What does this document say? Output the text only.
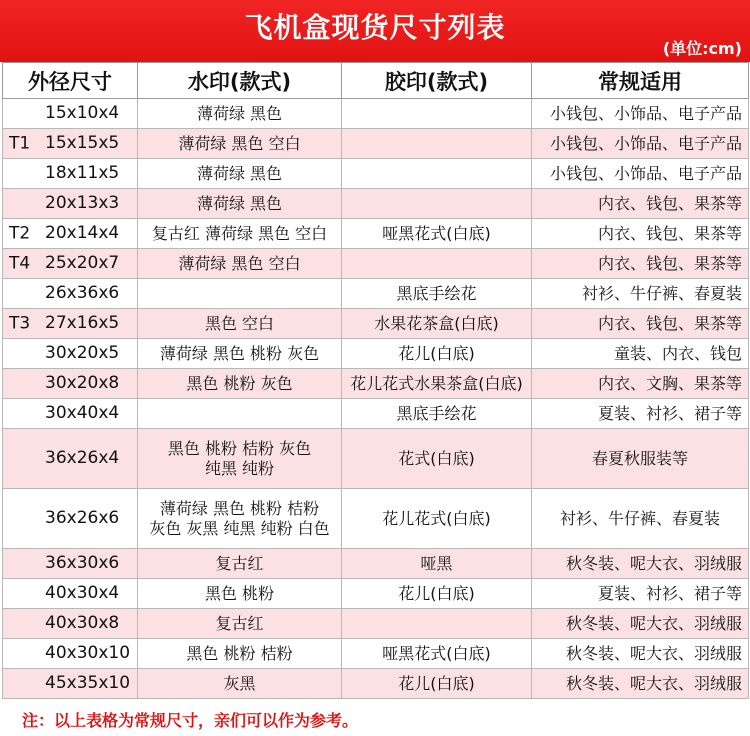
飞机盒现货尺寸列表
(单位:cm)
外径尺寸	水印(款式)	胶印(款式)	常规适用

15x10x4	薄荷绿 黑色		小钱包、小饰品、电子产品

T1 15x15x5	薄荷绿 黑色 空白		小钱包、小饰品、电子产品

18x11x5	薄荷绿 黑色		小钱包、小饰品、电子产品

20x13x3	薄荷绿 黑色		内衣、钱包、果茶等

T2 20x14x4	复古红 薄荷绿 黑色 空白	哑黑花式(白底)	内衣、钱包、果茶等

T4 25x20x7	薄荷绿 黑色 空白		内衣、钱包、果茶等

26x36x6		黑底手绘花	衬衫、牛仔裤、春夏装

T3 27x16x5	黑色 空白	水果花茶盒(白底)	内衣、钱包、果茶等

30x20x5	薄荷绿 黑色 桃粉 灰色	花儿(白底)	童装、内衣、钱包

30x20x8	黑色 桃粉 灰色	花儿花式水果茶盒(白底)	内衣、文胸、果茶等

30x40x4		黑底手绘花	夏装、衬衫、裙子等

36x26x4	黑色 桃粉 桔粉 灰色
纯黑 纯粉	花式(白底)	春夏秋服装等

36x26x6	薄荷绿 黑色 桃粉 桔粉
灰色 灰黑 纯黑 纯粉 白色	花儿花式(白底)	衬衫、牛仔裤、春夏装

36x30x6	复古红	哑黑	秋冬装、呢大衣、羽绒服

40x30x4	黑色 桃粉	花儿(白底)	夏装、衬衫、裙子等

40x30x8	复古红		秋冬装、呢大衣、羽绒服

40x30x10	黑色 桃粉 桔粉	哑黑花式(白底)	秋冬装、呢大衣、羽绒服

45x35x10	灰黑	花儿(白底)	秋冬装、呢大衣、羽绒服
注：以上表格为常规尺寸，亲们可以作为参考。
